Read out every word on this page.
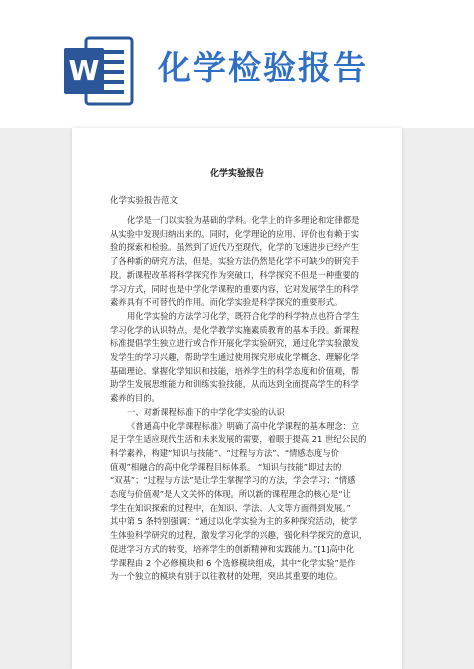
W 化学检验报告
化学实验报告
化学实验报告范文

化学是一门以实验为基础的学科。化学上的许多理论和定律都是

从实验中发现归纳出来的。同时，化学理论的应用、评价也有赖于实
验的探索和检验。虽然到了近代乃至现代，化学的飞速进步已经产生
了各种新的研究方法，但是，实验方法仍然是化学不可缺少的研究手
段。新课程改革将科学探究作为突破口，科学探究不但是一种重要的
学习方式，同时也是中学化学课程的重要内容，它对发展学生的科学
素养具有不可替代的作用。而化学实验是科学探究的重要形式。

用化学实验的方法学习化学，既符合化学的科学特点也符合学生

学习化学的认识特点，是化学教学实施素质教育的基本手段。新课程
标准提倡学生独立进行或合作开展化学实验研究，通过化学实验激发
发学生的学习兴趣，帮助学生通过使用探究形成化学概念、理解化学
基础理论、掌握化学知识和技能，培养学生的科学态度和价值观，帮
助学生发展思维能力和训练实验技能，从而达到全面提高学生的科学
素养的目的。

一、对新课程标准下的中学化学实验的认识

《普通高中化学课程标准》明确了高中化学课程的基本理念：立

足于学生适应现代生活和未来发展的需要，着眼于提高 21 世纪公民的
科学素养，构建“知识与技能”、“过程与方法”、“情感态度与价
值观”相融合的高中化学课程目标体系。 “知识与技能”即过去的
“双基”；“过程与方法”是让学生掌握学习的方法，学会学习；“情感
态度与价值观”是人文关怀的体现。所以新的课程理念的核心是“让
学生在知识探索的过程中，在知识、学法、人文等方面得到发展。”
其中第 5 条特别强调：“通过以化学实验为主的多种探究活动，使学
生体验科学研究的过程，激发学习化学的兴趣，强化科学探究的意识，
促进学习方式的转变，培养学生的创新精神和实践能力。”[1]高中化
学课程由 2 个必修模块和 6 个选修模块组成，其中“化学实验”是作
为一个独立的模块有别于以往教材的处理，突出其重要的地位。
